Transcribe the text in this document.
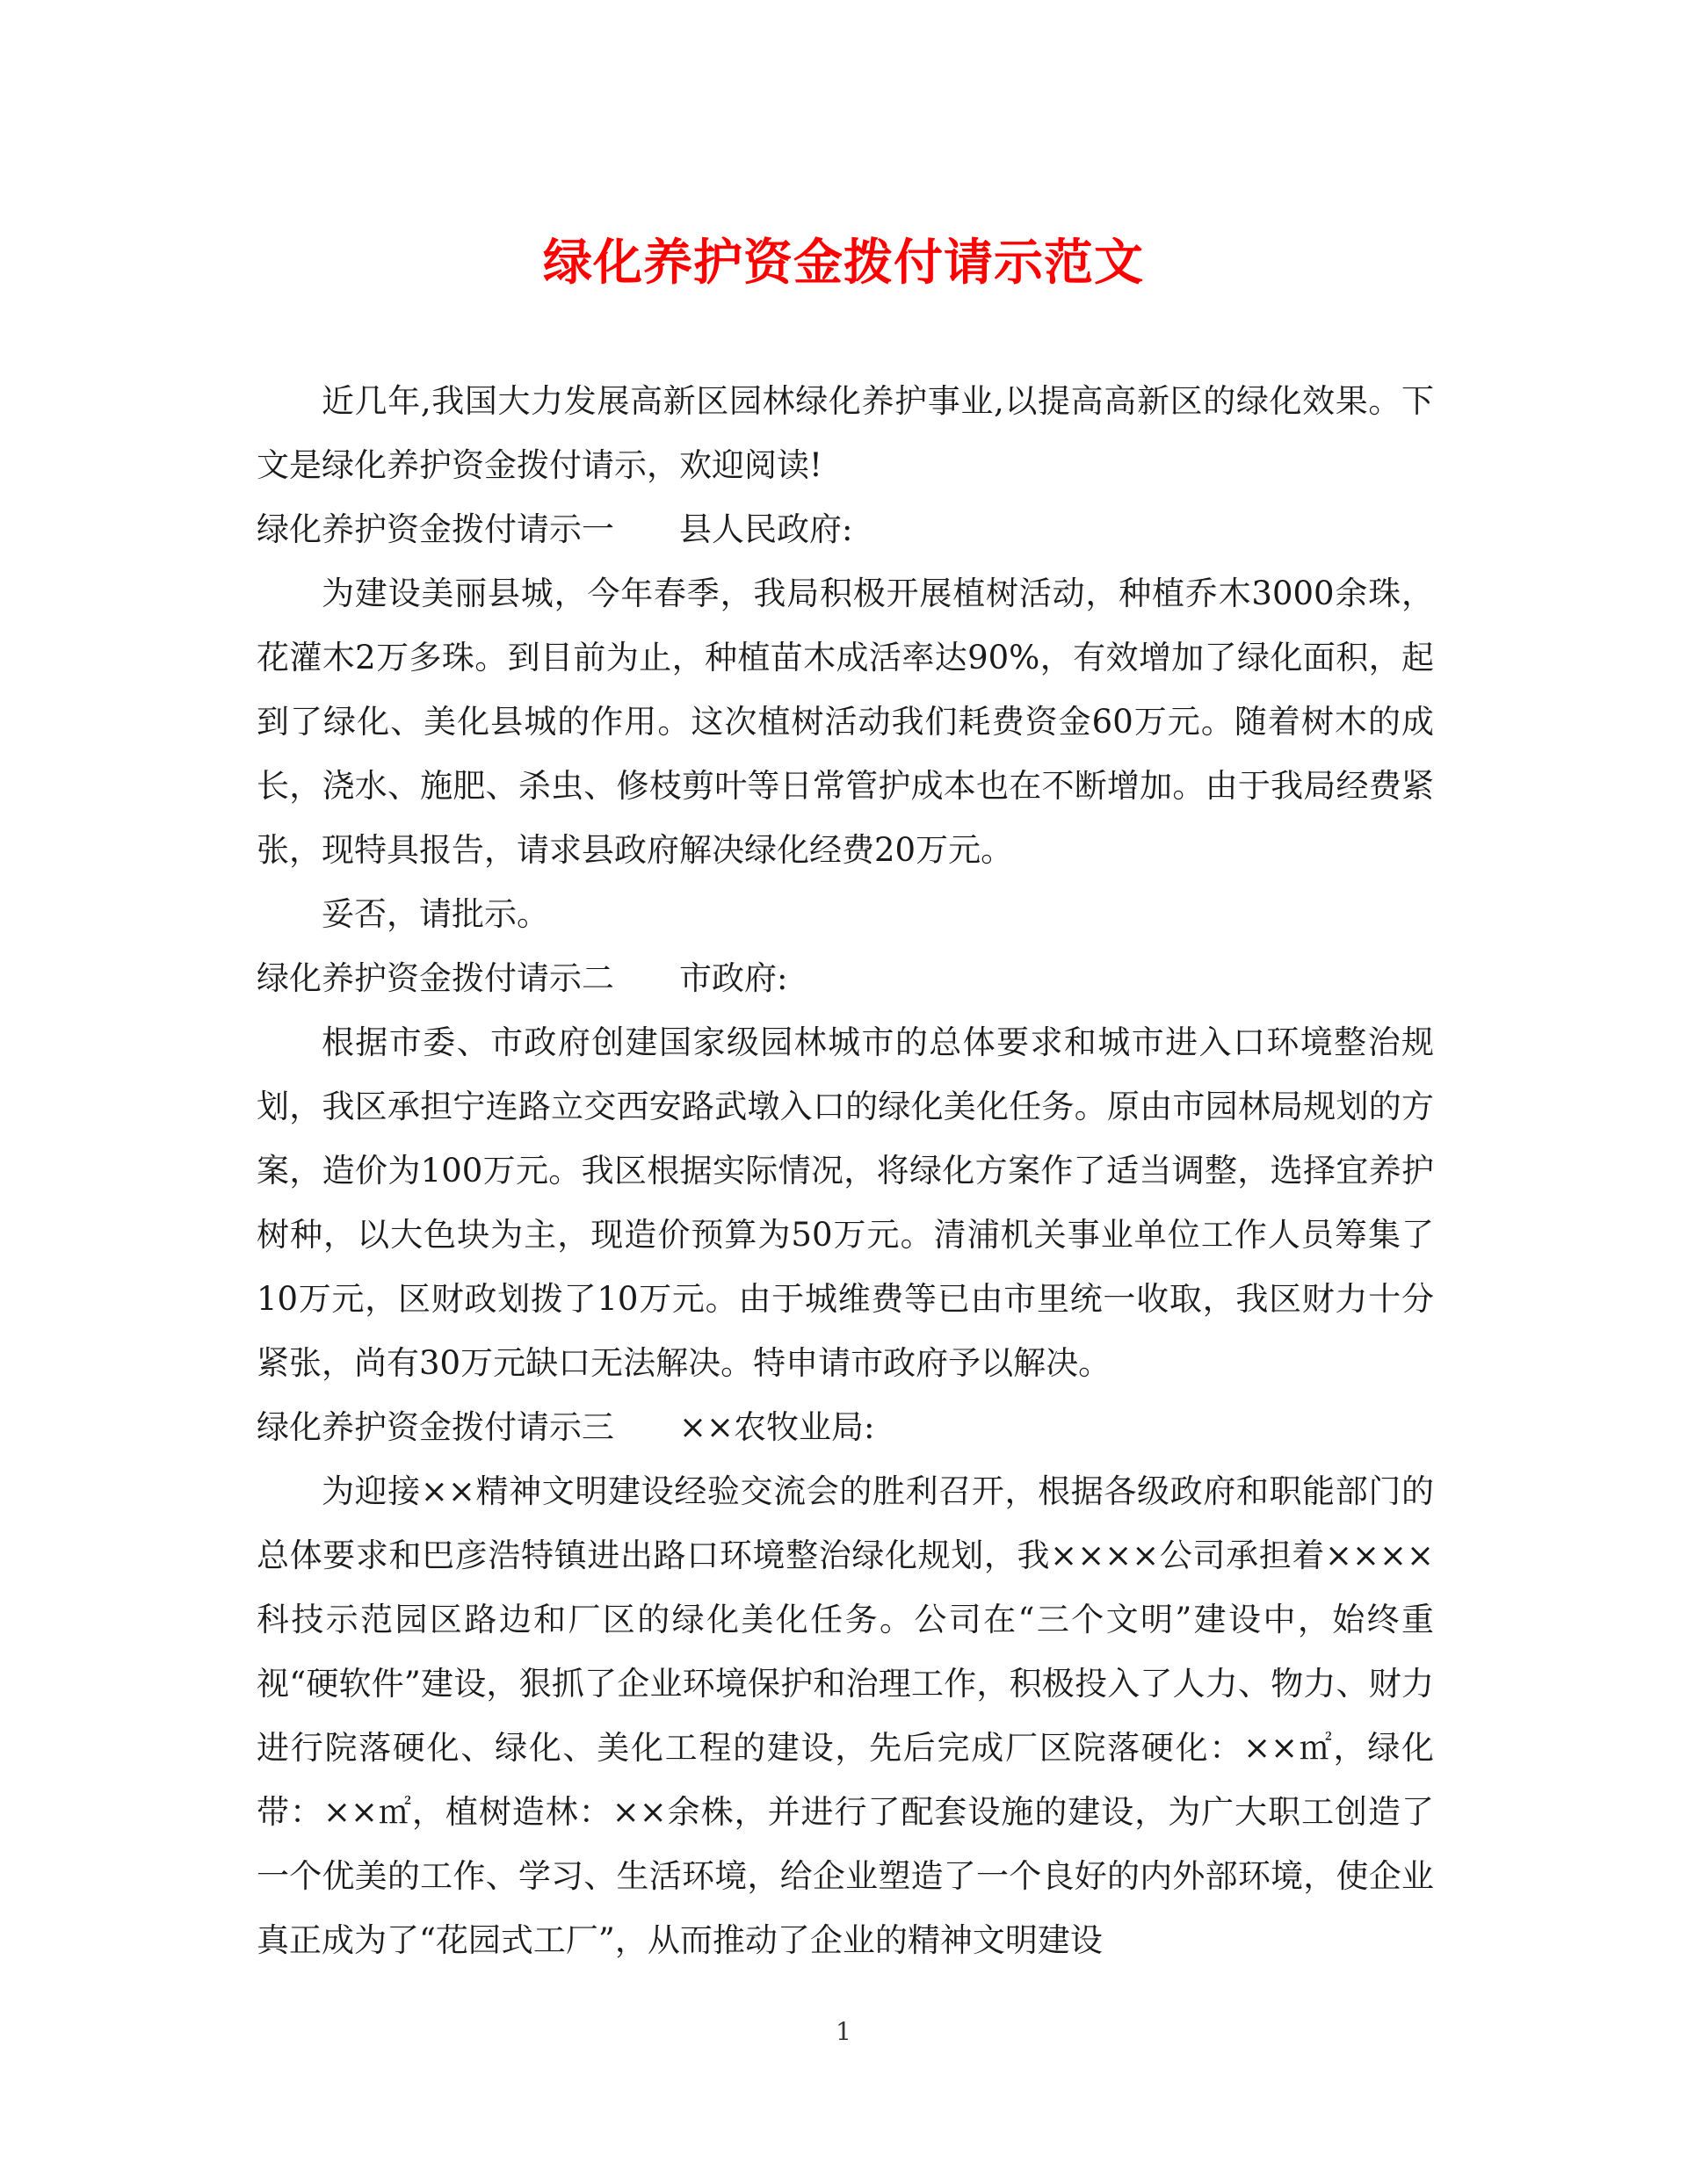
绿化养护资金拨付请示范文

近几年,我国大力发展高新区园林绿化养护事业,以提高高新区的绿化效果。下文是绿化养护资金拨付请示，欢迎阅读!

绿化养护资金拨付请示一　　县人民政府:

为建设美丽县城，今年春季，我局积极开展植树活动，种植乔木3000余珠，花灌木2万多珠。到目前为止，种植苗木成活率达90%，有效增加了绿化面积，起到了绿化、美化县城的作用。这次植树活动我们耗费资金60万元。随着树木的成长，浇水、施肥、杀虫、修枝剪叶等日常管护成本也在不断增加。由于我局经费紧张，现特具报告，请求县政府解决绿化经费20万元。

妥否，请批示。

绿化养护资金拨付请示二　　市政府:

根据市委、市政府创建国家级园林城市的总体要求和城市进入口环境整治规划，我区承担宁连路立交西安路武墩入口的绿化美化任务。原由市园林局规划的方案，造价为100万元。我区根据实际情况，将绿化方案作了适当调整，选择宜养护树种，以大色块为主，现造价预算为50万元。清浦机关事业单位工作人员筹集了10万元，区财政划拨了10万元。由于城维费等已由市里统一收取，我区财力十分紧张，尚有30万元缺口无法解决。特申请市政府予以解决。

绿化养护资金拨付请示三　　××农牧业局:

为迎接××精神文明建设经验交流会的胜利召开，根据各级政府和职能部门的总体要求和巴彦浩特镇进出路口环境整治绿化规划，我××××公司承担着××××科技示范园区路边和厂区的绿化美化任务。公司在“三个文明”建设中，始终重视“硬软件”建设，狠抓了企业环境保护和治理工作，积极投入了人力、物力、财力进行院落硬化、绿化、美化工程的建设，先后完成厂区院落硬化：××㎡，绿化带：××㎡，植树造林：××余株，并进行了配套设施的建设，为广大职工创造了一个优美的工作、学习、生活环境，给企业塑造了一个良好的内外部环境，使企业真正成为了“花园式工厂”，从而推动了企业的精神文明建设

1
